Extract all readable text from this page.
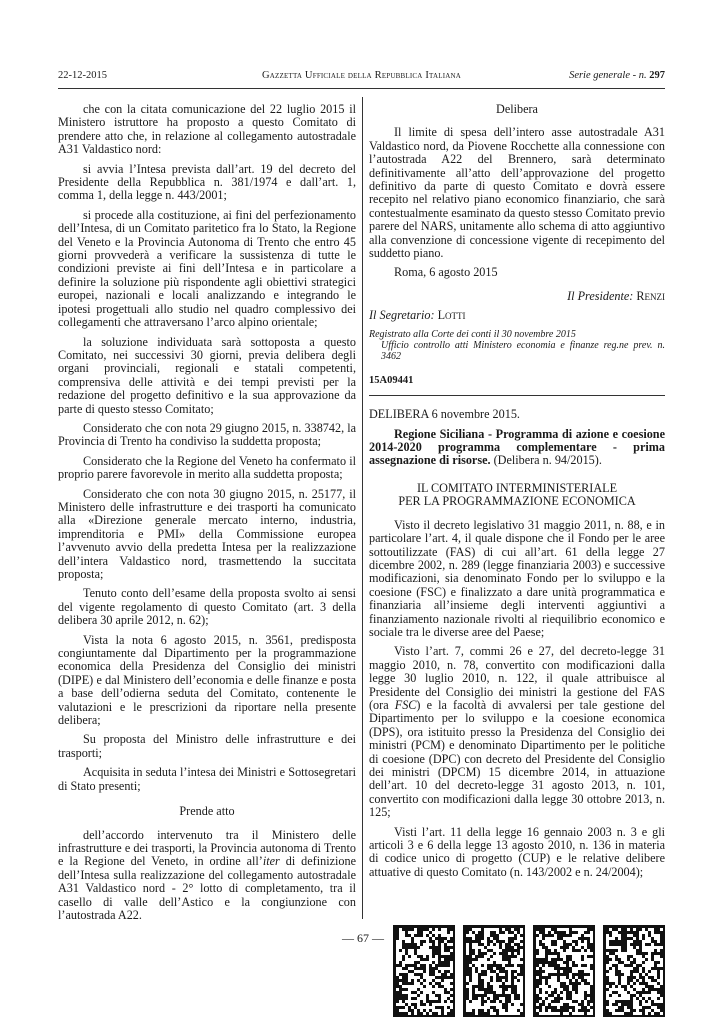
22-12-2015	Gazzetta Ufficiale della Repubblica Italiana	Serie generale - n. 297

che con la citata comunicazione del 22 luglio 2015 il Ministero istruttore ha proposto a questo Comitato di prendere atto che, in relazione al collegamento autostradale A31 Valdastico nord:

si avvia l’Intesa prevista dall’art. 19 del decreto del Presidente della Repubblica n. 381/1974 e dall’art. 1, comma 1, della legge n. 443/2001;

si procede alla costituzione, ai fini del perfezionamento dell’Intesa, di un Comitato paritetico fra lo Stato, la Regione del Veneto e la Provincia Autonoma di Trento che entro 45 giorni provvederà a verificare la sussistenza di tutte le condizioni previste ai fini dell’Intesa e in particolare a definire la soluzione più rispondente agli obiettivi strategici europei, nazionali e locali analizzando e integrando le ipotesi progettuali allo studio nel quadro complessivo dei collegamenti che attraversano l’arco alpino orientale;

la soluzione individuata sarà sottoposta a questo Comitato, nei successivi 30 giorni, previa delibera degli organi provinciali, regionali e statali competenti, comprensiva delle attività e dei tempi previsti per la redazione del progetto definitivo e la sua approvazione da parte di questo stesso Comitato;

Considerato che con nota 29 giugno 2015, n. 338742, la Provincia di Trento ha condiviso la suddetta proposta;

Considerato che la Regione del Veneto ha confermato il proprio parere favorevole in merito alla suddetta proposta;

Considerato che con nota 30 giugno 2015, n. 25177, il Ministero delle infrastrutture e dei trasporti ha comunicato alla «Direzione generale mercato interno, industria, imprenditoria e PMI» della Commissione europea l’avvenuto avvio della predetta Intesa per la realizzazione dell’intera Valdastico nord, trasmettendo la succitata proposta;

Tenuto conto dell’esame della proposta svolto ai sensi del vigente regolamento di questo Comitato (art. 3 della delibera 30 aprile 2012, n. 62);

Vista la nota 6 agosto 2015, n. 3561, predisposta congiuntamente dal Dipartimento per la programmazione economica della Presidenza del Consiglio dei ministri (DIPE) e dal Ministero dell’economia e delle finanze e posta a base dell’odierna seduta del Comitato, contenente le valutazioni e le prescrizioni da riportare nella presente delibera;

Su proposta del Ministro delle infrastrutture e dei trasporti;

Acquisita in seduta l’intesa dei Ministri e Sottosegretari di Stato presenti;

Prende atto

dell’accordo intervenuto tra il Ministero delle infrastrutture e dei trasporti, la Provincia autonoma di Trento e la Regione del Veneto, in ordine all’iter di definizione dell’Intesa sulla realizzazione del collegamento autostradale A31 Valdastico nord - 2° lotto di completamento, tra il casello di valle dell’Astico e la congiunzione con l’autostrada A22.

Delibera

Il limite di spesa dell’intero asse autostradale A31 Valdastico nord, da Piovene Rocchette alla connessione con l’autostrada A22 del Brennero, sarà determinato definitivamente all’atto dell’approvazione del progetto definitivo da parte di questo Comitato e dovrà essere recepito nel relativo piano economico finanziario, che sarà contestualmente esaminato da questo stesso Comitato previo parere del NARS, unitamente allo schema di atto aggiuntivo alla convenzione di concessione vigente di recepimento del suddetto piano.

Roma, 6 agosto 2015

Il Presidente: Renzi

Il Segretario: Lotti

Registrato alla Corte dei conti il 30 novembre 2015
Ufficio controllo atti Ministero economia e finanze reg.ne prev. n. 3462

15A09441

DELIBERA 6 novembre 2015.

Regione Siciliana - Programma di azione e coesione 2014-2020 programma complementare - prima assegnazione di risorse. (Delibera n. 94/2015).

IL COMITATO INTERMINISTERIALE
PER LA PROGRAMMAZIONE ECONOMICA

Visto il decreto legislativo 31 maggio 2011, n. 88, e in particolare l’art. 4, il quale dispone che il Fondo per le aree sottoutilizzate (FAS) di cui all’art. 61 della legge 27 dicembre 2002, n. 289 (legge finanziaria 2003) e successive modificazioni, sia denominato Fondo per lo sviluppo e la coesione (FSC) e finalizzato a dare unità programmatica e finanziaria all’insieme degli interventi aggiuntivi a finanziamento nazionale rivolti al riequilibrio economico e sociale tra le diverse aree del Paese;

Visto l’art. 7, commi 26 e 27, del decreto-legge 31 maggio 2010, n. 78, convertito con modificazioni dalla legge 30 luglio 2010, n. 122, il quale attribuisce al Presidente del Consiglio dei ministri la gestione del FAS (ora FSC) e la facoltà di avvalersi per tale gestione del Dipartimento per lo sviluppo e la coesione economica (DPS), ora istituito presso la Presidenza del Consiglio dei ministri (PCM) e denominato Dipartimento per le politiche di coesione (DPC) con decreto del Presidente del Consiglio dei ministri (DPCM) 15 dicembre 2014, in attuazione dell’art. 10 del decreto-legge 31 agosto 2013, n. 101, convertito con modificazioni dalla legge 30 ottobre 2013, n. 125;

Visti l’art. 11 della legge 16 gennaio 2003 n. 3 e gli articoli 3 e 6 della legge 13 agosto 2010, n. 136 in materia di codice unico di progetto (CUP) e le relative delibere attuative di questo Comitato (n. 143/2002 e n. 24/2004);

— 67 —
